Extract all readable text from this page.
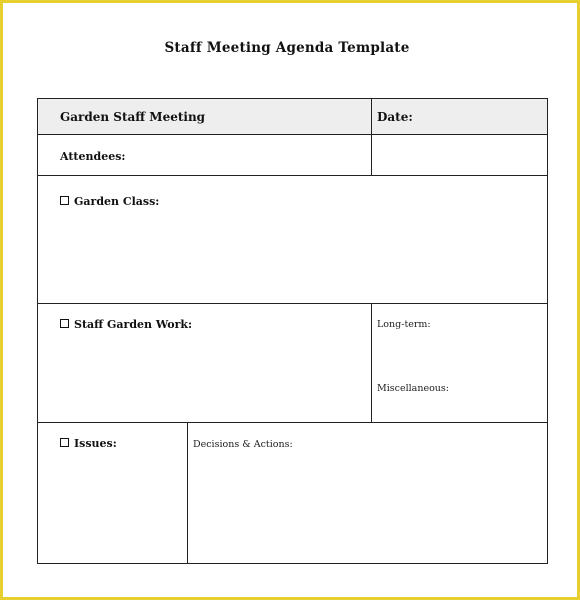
Staff Meeting Agenda Template
Garden Staff Meeting	Date:
Attendees:
Garden Class:
Staff Garden Work:	Long-term:
Miscellaneous:
Issues:	Decisions & Actions:
